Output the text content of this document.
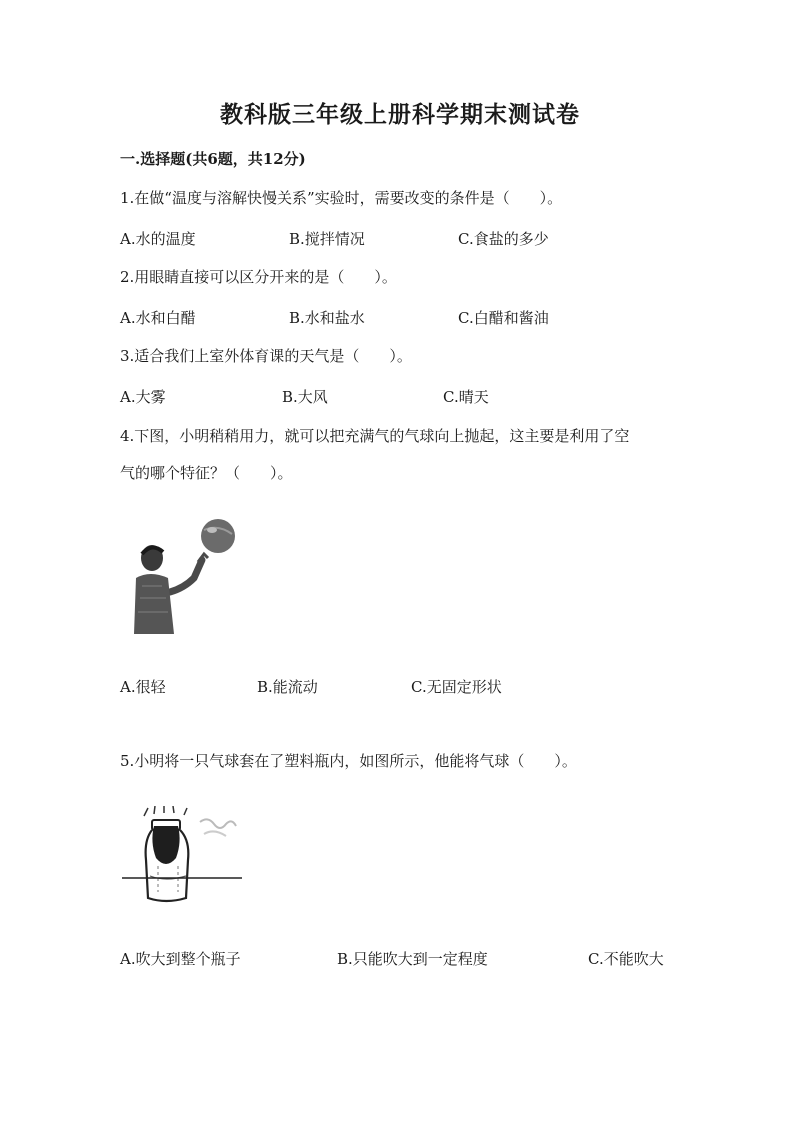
教科版三年级上册科学期末测试卷
一.选择题(共6题，共12分)
1.在做“温度与溶解快慢关系”实验时，需要改变的条件是（　　）。
A.水的温度	B.搅拌情况	C.食盐的多少
2.用眼睛直接可以区分开来的是（　　）。
A.水和白醋	B.水和盐水	C.白醋和酱油
3.适合我们上室外体育课的天气是（　　）。
A.大雾	B.大风	C.晴天
4.下图，小明稍稍用力，就可以把充满气的气球向上抛起，这主要是利用了空
气的哪个特征？（　　）。
A.很轻	B.能流动	C.无固定形状
5.小明将一只气球套在了塑料瓶内，如图所示，他能将气球（　　）。
A.吹大到整个瓶子	B.只能吹大到一定程度	C.不能吹大
